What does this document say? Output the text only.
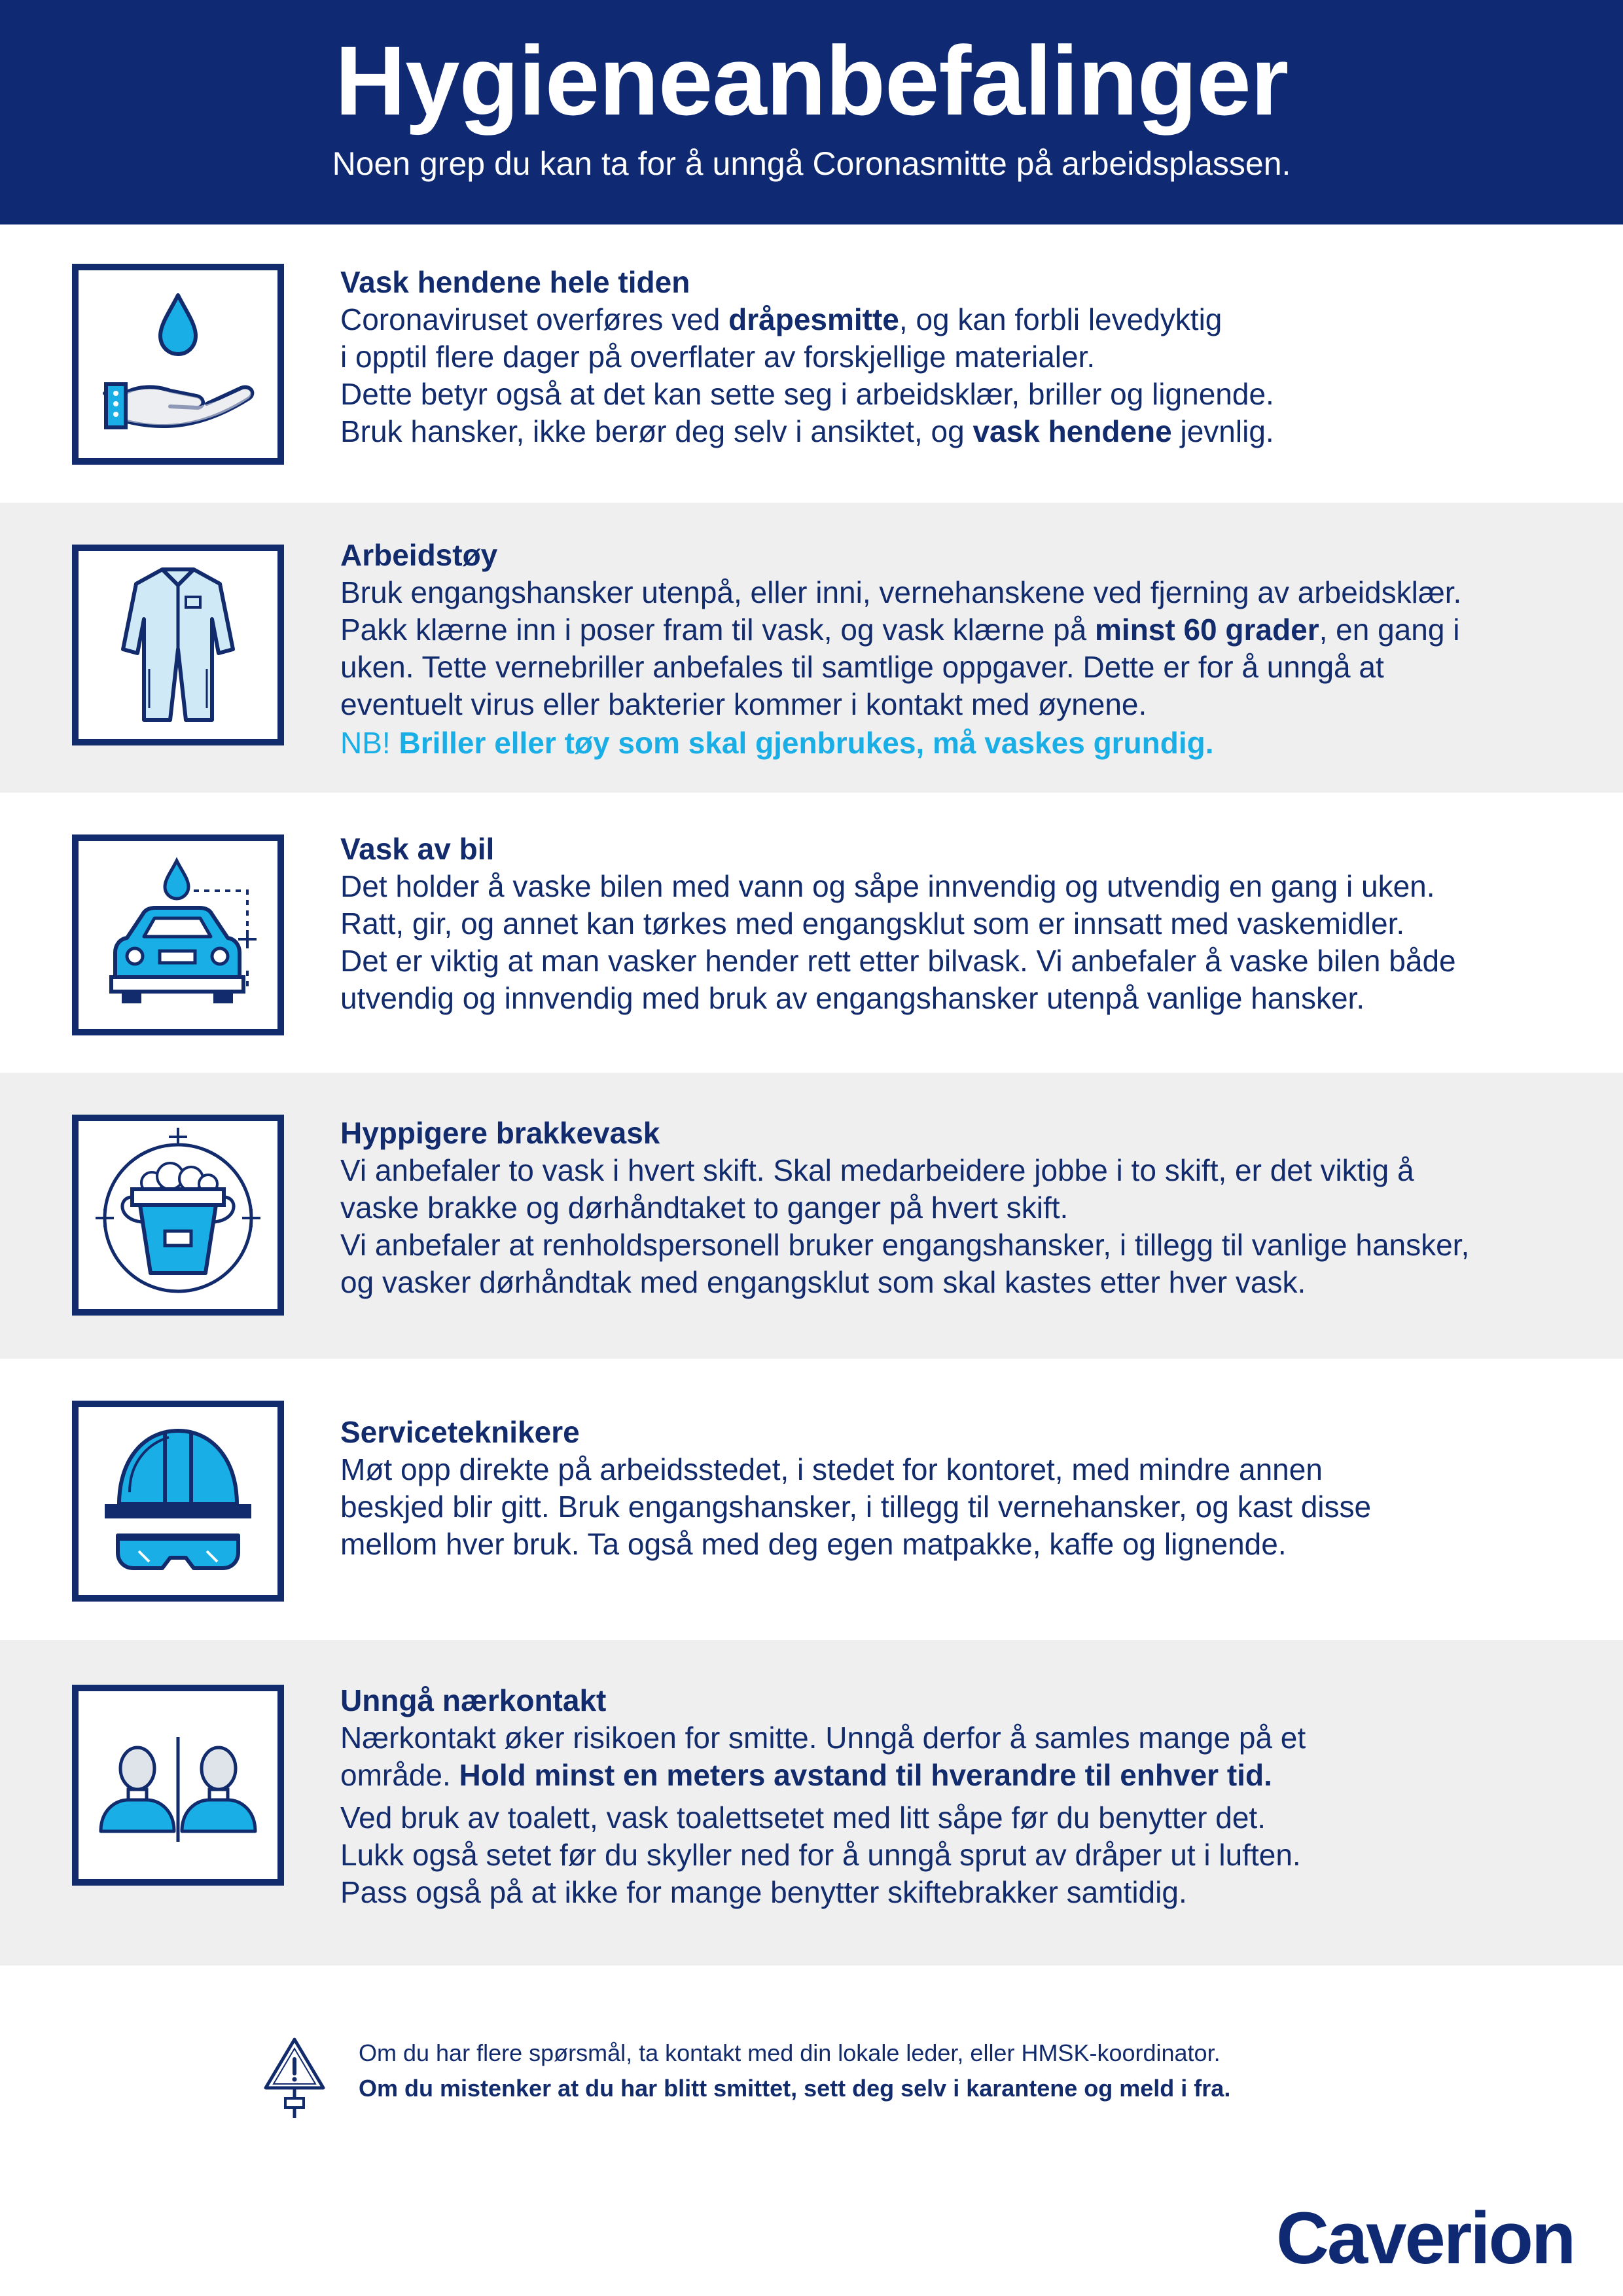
Hygieneanbefalinger

Noen grep du kan ta for å unngå Coronasmitte på arbeidsplassen.

Vask hendene hele tiden

Coronaviruset overføres ved dråpesmitte, og kan forbli levedyktig

i opptil flere dager på overflater av forskjellige materialer.

Dette betyr også at det kan sette seg i arbeidsklær, briller og lignende.

Bruk hansker, ikke berør deg selv i ansiktet, og vask hendene jevnlig.

Arbeidstøy

Bruk engangshansker utenpå, eller inni, vernehanskene ved fjerning av arbeidsklær.

Pakk klærne inn i poser fram til vask, og vask klærne på minst 60 grader, en gang i

uken. Tette vernebriller anbefales til samtlige oppgaver. Dette er for å unngå at

eventuelt virus eller bakterier kommer i kontakt med øynene.

NB! Briller eller tøy som skal gjenbrukes, må vaskes grundig.

Vask av bil

Det holder å vaske bilen med vann og såpe innvendig og utvendig en gang i uken.

Ratt, gir, og annet kan tørkes med engangsklut som er innsatt med vaskemidler.

Det er viktig at man vasker hender rett etter bilvask. Vi anbefaler å vaske bilen både

utvendig og innvendig med bruk av engangshansker utenpå vanlige hansker.

Hyppigere brakkevask

Vi anbefaler to vask i hvert skift. Skal medarbeidere jobbe i to skift, er det viktig å

vaske brakke og dørhåndtaket to ganger på hvert skift.

Vi anbefaler at renholdspersonell bruker engangshansker, i tillegg til vanlige hansker,

og vasker dørhåndtak med engangsklut som skal kastes etter hver vask.

Serviceteknikere

Møt opp direkte på arbeidsstedet, i stedet for kontoret, med mindre annen

beskjed blir gitt. Bruk engangshansker, i tillegg til vernehansker, og kast disse

mellom hver bruk. Ta også med deg egen matpakke, kaffe og lignende.

Unngå nærkontakt

Nærkontakt øker risikoen for smitte. Unngå derfor å samles mange på et

område. Hold minst en meters avstand til hverandre til enhver tid.

Ved bruk av toalett, vask toalettsetet med litt såpe før du benytter det.

Lukk også setet før du skyller ned for å unngå sprut av dråper ut i luften.

Pass også på at ikke for mange benytter skiftebrakker samtidig.

Om du har flere spørsmål, ta kontakt med din lokale leder, eller HMSK-koordinator.

Om du mistenker at du har blitt smittet, sett deg selv i karantene og meld i fra.

Caverion
